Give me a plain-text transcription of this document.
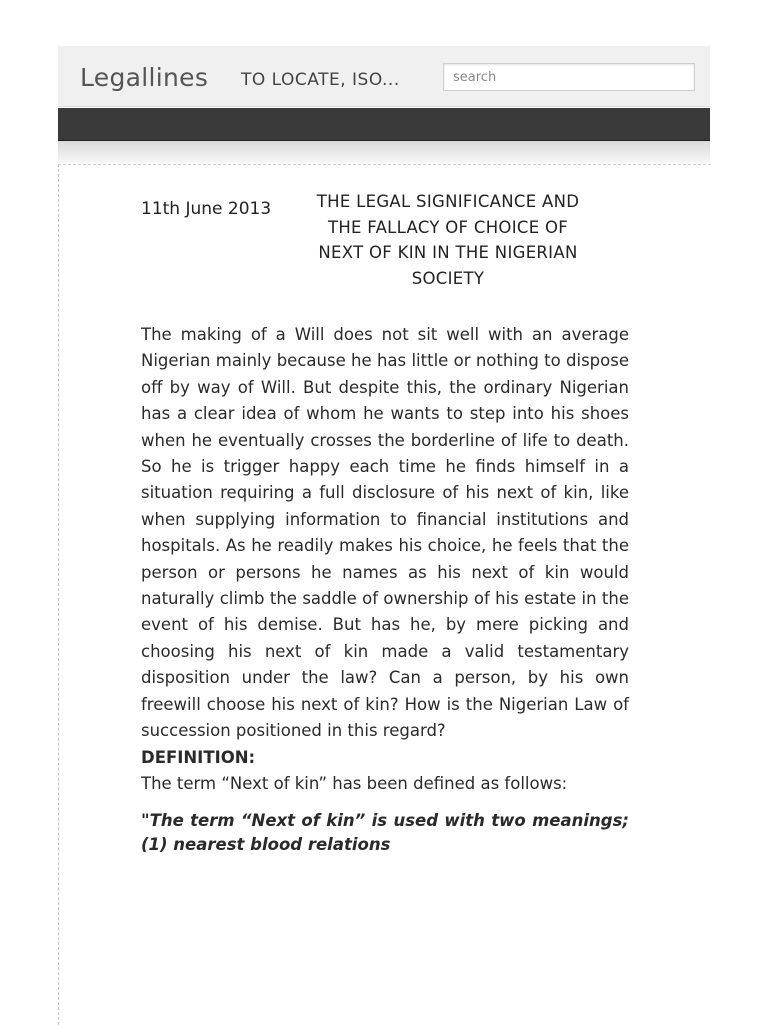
Legallines TO LOCATE, ISO...
search
11th June 2013	THE LEGAL SIGNIFICANCE AND THE FALLACY OF CHOICE OF NEXT OF KIN IN THE NIGERIAN SOCIETY

The making of a Will does not sit well with an average Nigerian mainly because he has little or nothing to dispose off by way of Will. But despite this, the ordinary Nigerian has a clear idea of whom he wants to step into his shoes when he eventually crosses the borderline of life to death. So he is trigger happy each time he finds himself in a situation requiring a full disclosure of his next of kin, like when supplying information to financial institutions and hospitals. As he readily makes his choice, he feels that the person or persons he names as his next of kin would naturally climb the saddle of ownership of his estate in the event of his demise. But has he, by mere picking and choosing his next of kin made a valid testamentary disposition under the law? Can a person, by his own freewill choose his next of kin? How is the Nigerian Law of succession positioned in this regard?

DEFINITION:

The term “Next of kin” has been defined as follows:

"The term “Next of kin” is used with two meanings; (1) nearest blood relations
